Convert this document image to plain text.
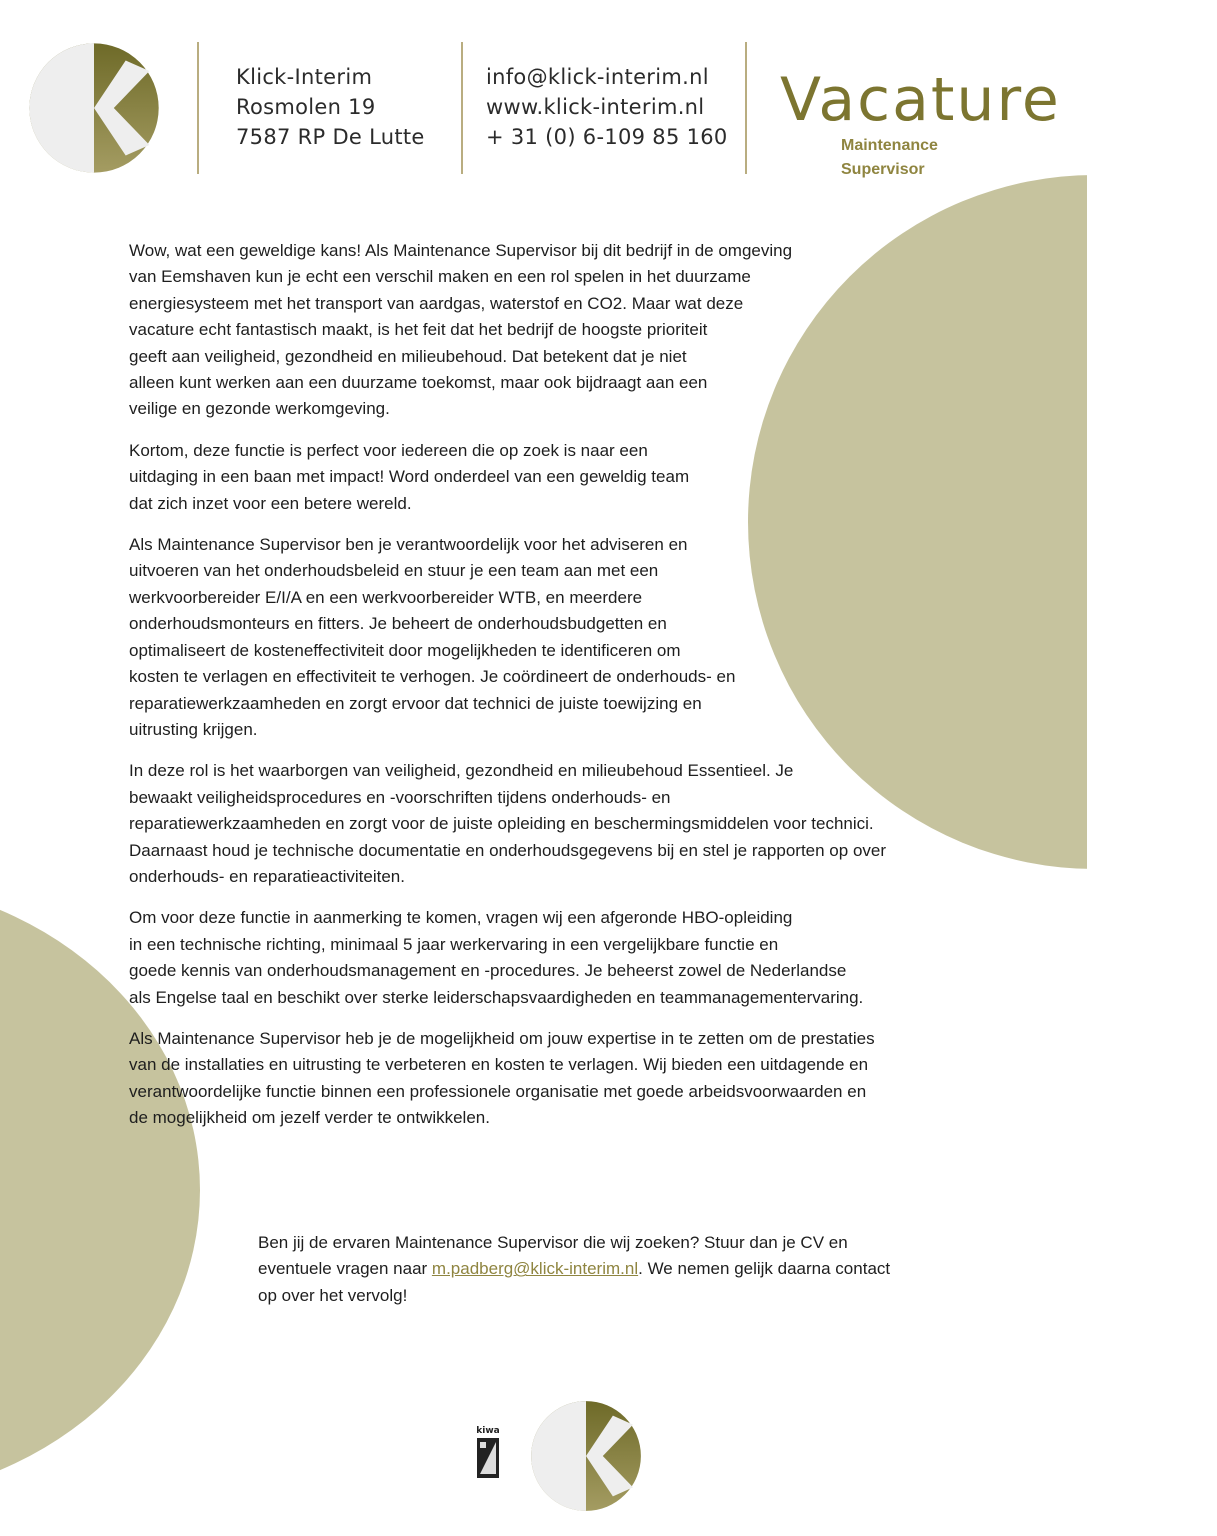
Klick-Interim
Rosmolen 19
7587 RP De Lutte
info@klick-interim.nl
www.klick-interim.nl
+ 31 (0) 6-109 85 160
Vacature
Maintenance Supervisor

Wow, wat een geweldige kans! Als Maintenance Supervisor bij dit bedrijf in de omgeving
van Eemshaven kun je echt een verschil maken en een rol spelen in het duurzame
energiesysteem met het transport van aardgas, waterstof en CO2. Maar wat deze
vacature echt fantastisch maakt, is het feit dat het bedrijf de hoogste prioriteit
geeft aan veiligheid, gezondheid en milieubehoud. Dat betekent dat je niet
alleen kunt werken aan een duurzame toekomst, maar ook bijdraagt aan een
veilige en gezonde werkomgeving.

Kortom, deze functie is perfect voor iedereen die op zoek is naar een
uitdaging in een baan met impact! Word onderdeel van een geweldig team
dat zich inzet voor een betere wereld.

Als Maintenance Supervisor ben je verantwoordelijk voor het adviseren en
uitvoeren van het onderhoudsbeleid en stuur je een team aan met een
werkvoorbereider E/I/A en een werkvoorbereider WTB, en meerdere
onderhoudsmonteurs en fitters. Je beheert de onderhoudsbudgetten en
optimaliseert de kosteneffectiviteit door mogelijkheden te identificeren om
kosten te verlagen en effectiviteit te verhogen. Je coördineert de onderhouds- en
reparatiewerkzaamheden en zorgt ervoor dat technici de juiste toewijzing en
uitrusting krijgen.

In deze rol is het waarborgen van veiligheid, gezondheid en milieubehoud Essentieel. Je
bewaakt veiligheidsprocedures en -voorschriften tijdens onderhouds- en
reparatiewerkzaamheden en zorgt voor de juiste opleiding en beschermingsmiddelen voor technici.
Daarnaast houd je technische documentatie en onderhoudsgegevens bij en stel je rapporten op over
onderhouds- en reparatieactiviteiten.

Om voor deze functie in aanmerking te komen, vragen wij een afgeronde HBO-opleiding
in een technische richting, minimaal 5 jaar werkervaring in een vergelijkbare functie en
goede kennis van onderhoudsmanagement en -procedures. Je beheerst zowel de Nederlandse
als Engelse taal en beschikt over sterke leiderschapsvaardigheden en teammanagementervaring.

Als Maintenance Supervisor heb je de mogelijkheid om jouw expertise in te zetten om de prestaties
van de installaties en uitrusting te verbeteren en kosten te verlagen. Wij bieden een uitdagende en
verantwoordelijke functie binnen een professionele organisatie met goede arbeidsvoorwaarden en
de mogelijkheid om jezelf verder te ontwikkelen.

Ben jij de ervaren Maintenance Supervisor die wij zoeken? Stuur dan je CV en
eventuele vragen naar m.padberg@klick-interim.nl. We nemen gelijk daarna contact
op over het vervolg!

kiwa
